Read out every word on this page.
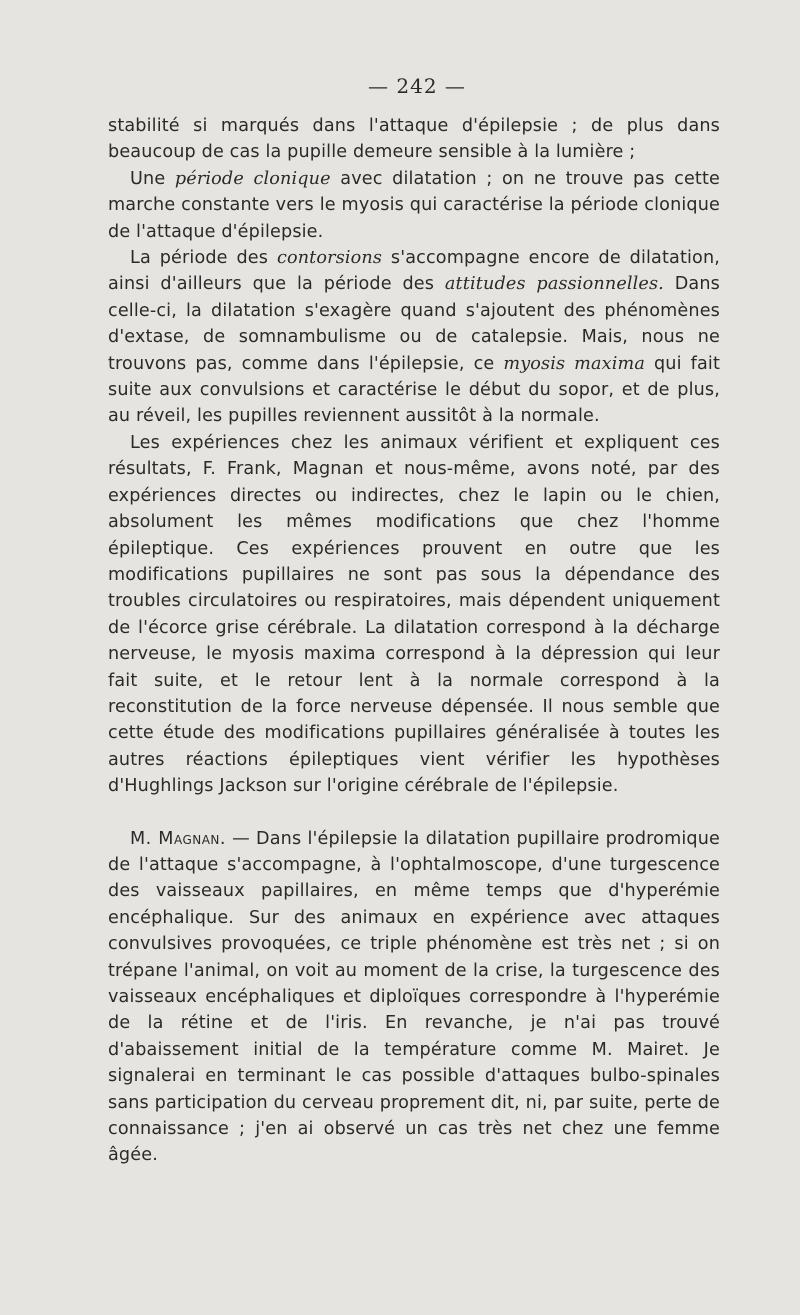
— 242 —

stabilité si marqués dans l'attaque d'épilepsie ; de plus dans beaucoup de cas la pupille demeure sensible à la lumière ;

Une période clonique avec dilatation ; on ne trouve pas cette marche constante vers le myosis qui caractérise la période clonique de l'attaque d'épilepsie.

La période des contorsions s'accompagne encore de dilatation, ainsi d'ailleurs que la période des attitudes passionnelles. Dans celle-ci, la dilatation s'exagère quand s'ajoutent des phénomènes d'extase, de somnambulisme ou de catalepsie. Mais, nous ne trouvons pas, comme dans l'épilepsie, ce myosis maxima qui fait suite aux convulsions et caractérise le début du sopor, et de plus, au réveil, les pupilles reviennent aussitôt à la normale.

Les expériences chez les animaux vérifient et expliquent ces résultats, F. Frank, Magnan et nous-même, avons noté, par des expériences directes ou indirectes, chez le lapin ou le chien, absolument les mêmes modifications que chez l'homme épileptique. Ces expériences prouvent en outre que les modifications pupillaires ne sont pas sous la dépendance des troubles circulatoires ou respiratoires, mais dépendent uniquement de l'écorce grise cérébrale. La dilatation correspond à la décharge nerveuse, le myosis maxima correspond à la dépression qui leur fait suite, et le retour lent à la normale correspond à la reconstitution de la force nerveuse dépensée. Il nous semble que cette étude des modifications pupillaires généralisée à toutes les autres réactions épileptiques vient vérifier les hypothèses d'Hughlings Jackson sur l'origine cérébrale de l'épilepsie.

M. Magnan. — Dans l'épilepsie la dilatation pupillaire prodromique de l'attaque s'accompagne, à l'ophtalmoscope, d'une turgescence des vaisseaux papillaires, en même temps que d'hyperémie encéphalique. Sur des animaux en expérience avec attaques convulsives provoquées, ce triple phénomène est très net ; si on trépane l'animal, on voit au moment de la crise, la turgescence des vaisseaux encéphaliques et diploïques correspondre à l'hyperémie de la rétine et de l'iris. En revanche, je n'ai pas trouvé d'abaissement initial de la température comme M. Mairet. Je signalerai en terminant le cas possible d'attaques bulbo-spinales sans participation du cerveau proprement dit, ni, par suite, perte de connaissance ; j'en ai observé un cas très net chez une femme âgée.
